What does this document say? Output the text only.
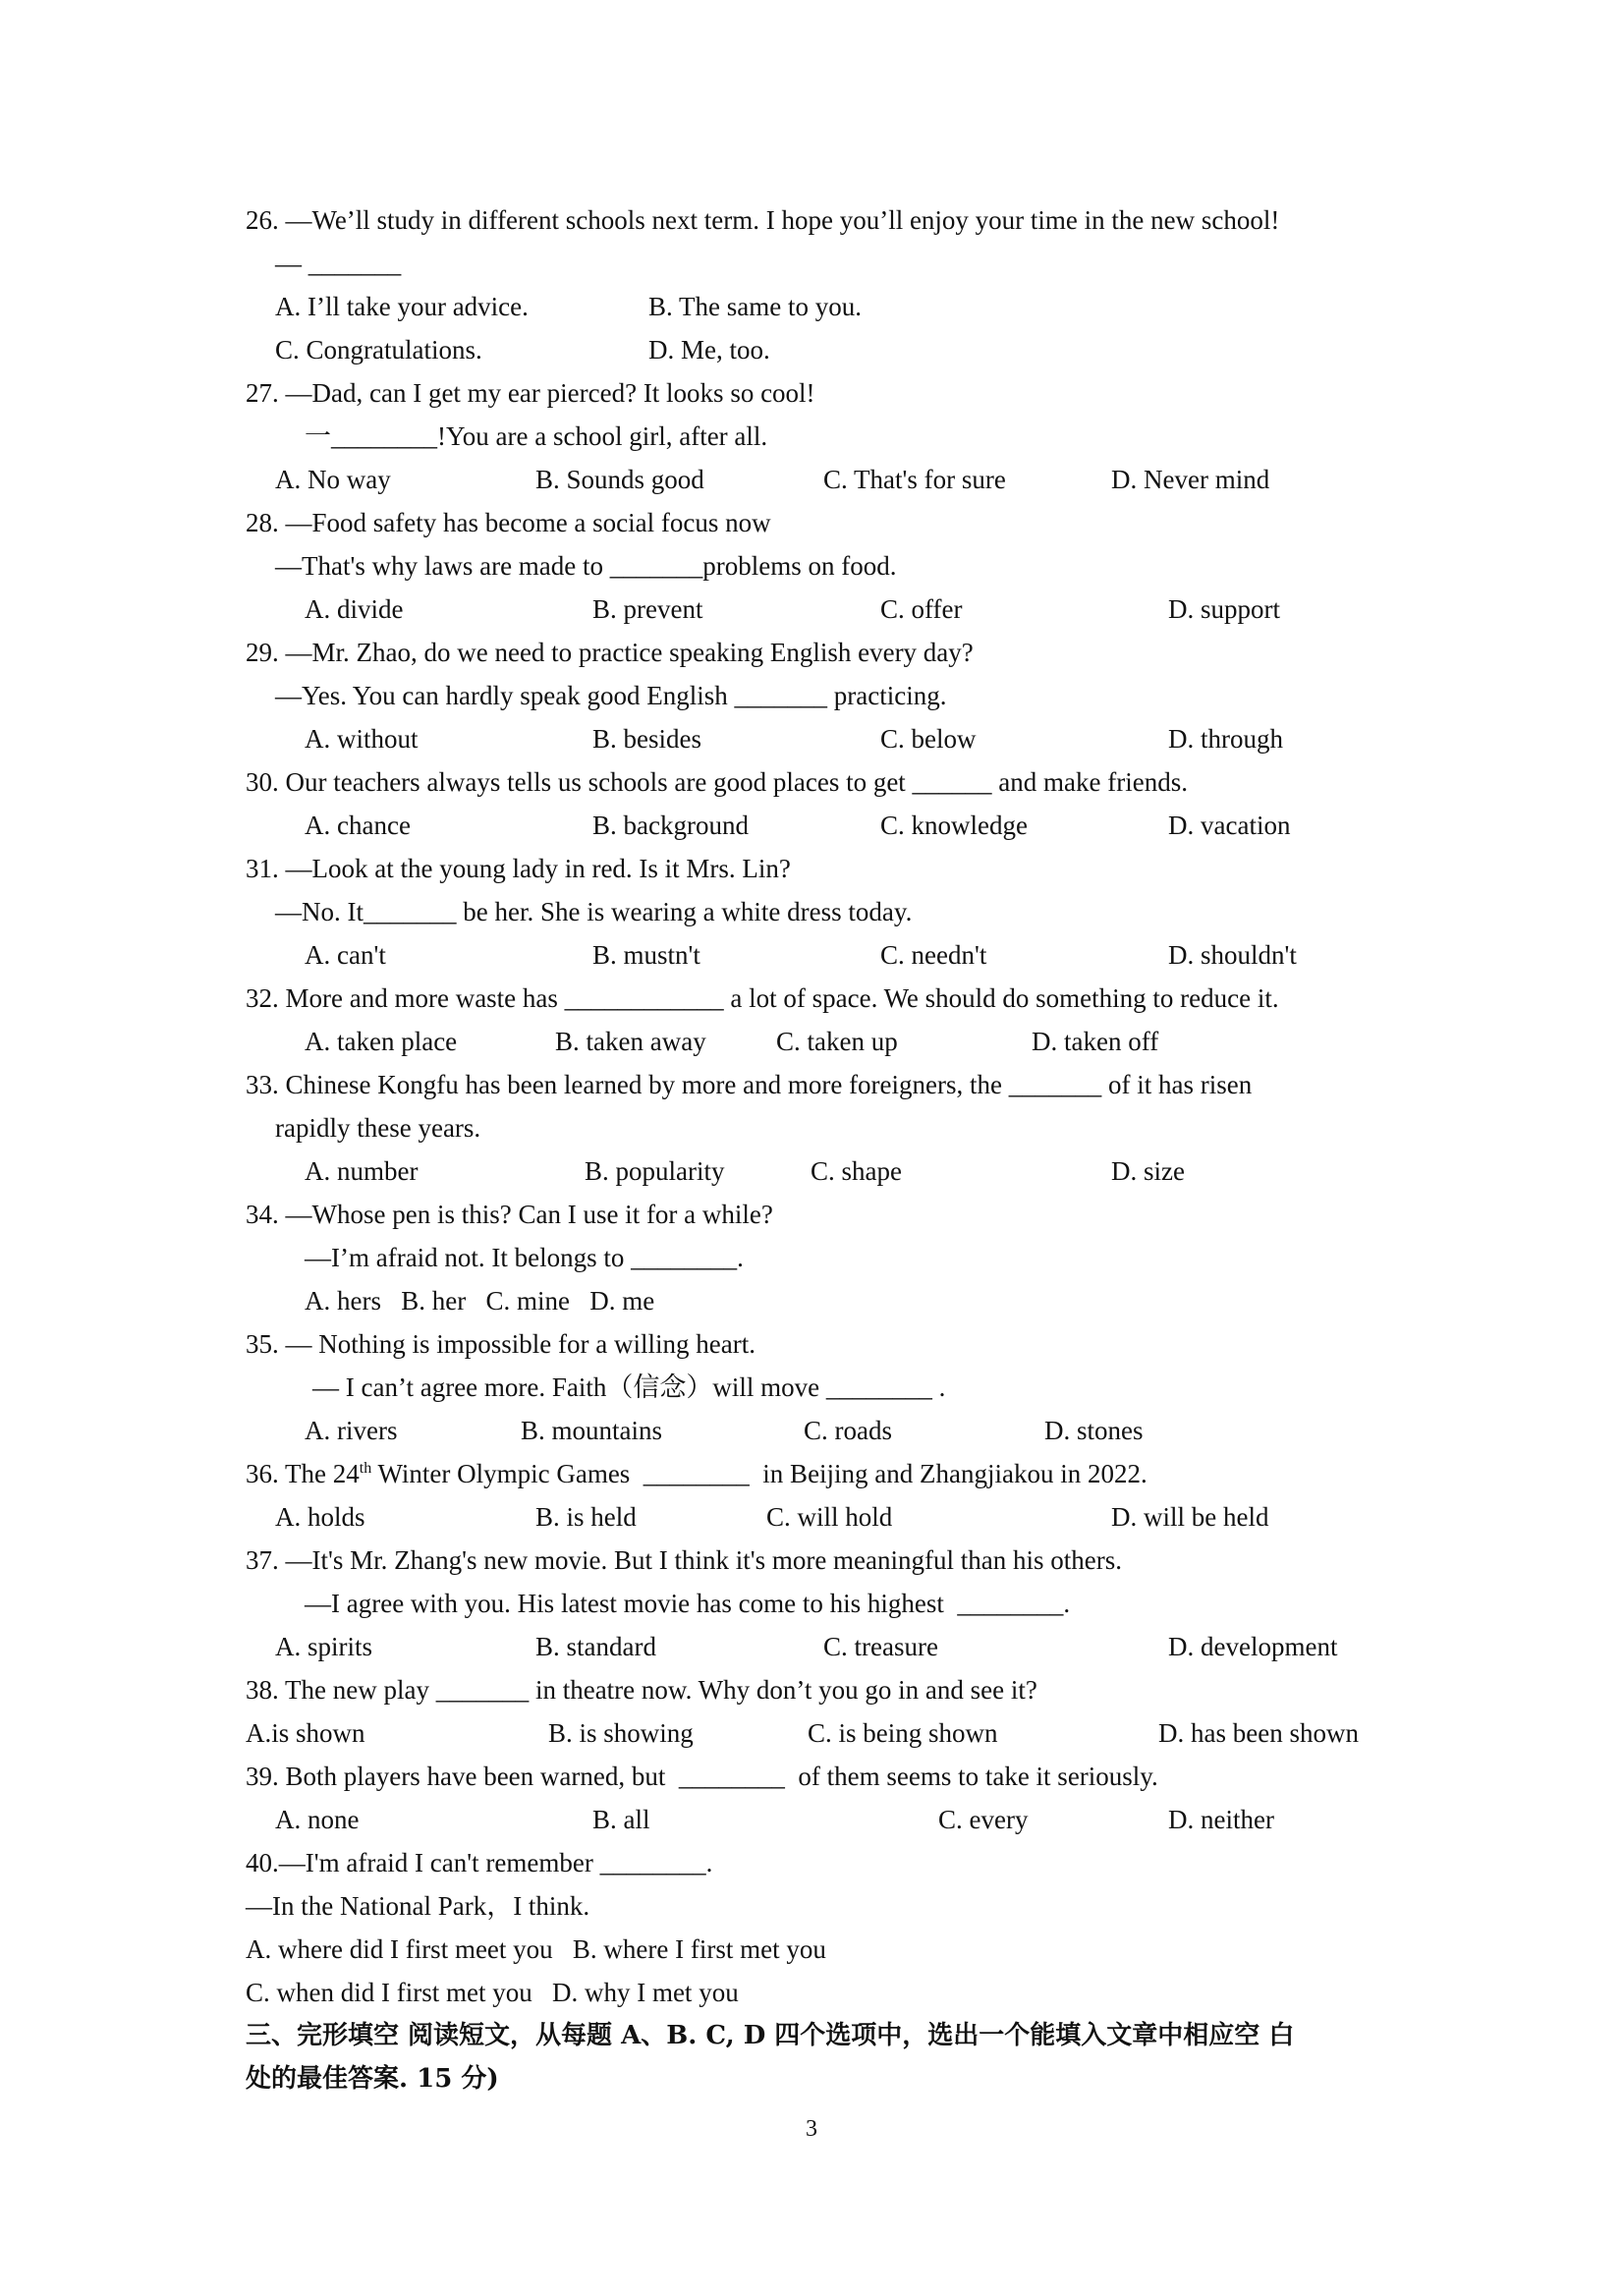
26. —We’ll study in different schools next term. I hope you’ll enjoy your time in the new school!
— _______
A. I’ll take your advice.	B. The same to you.
C. Congratulations.	D. Me, too.
27. —Dad, can I get my ear pierced? It looks so cool!
一________!You are a school girl, after all.
A. No way	B. Sounds good	C. That's for sure	D. Never mind
28. —Food safety has become a social focus now
—That's why laws are made to _______problems on food.
A. divide	B. prevent	C. offer	D. support
29. —Mr. Zhao, do we need to practice speaking English every day?
—Yes. You can hardly speak good English _______ practicing.
A. without	B. besides	C. below	D. through
30. Our teachers always tells us schools are good places to get ______ and make friends.
A. chance	B. background	C. knowledge	D. vacation
31. —Look at the young lady in red. Is it Mrs. Lin?
—No. It_______ be her. She is wearing a white dress today.
A. can't	B. mustn't	C. needn't	D. shouldn't
32. More and more waste has ____________ a lot of space. We should do something to reduce it.
A. taken place	B. taken away	C. taken up	D. taken off
33. Chinese Kongfu has been learned by more and more foreigners, the _______ of it has risen
rapidly these years.
A. number	B. popularity	C. shape	D. size
34. —Whose pen is this? Can I use it for a while?
—I’m afraid not. It belongs to ________.
A. hers   B. her   C. mine   D. me
35. — Nothing is impossible for a willing heart.
— I can’t agree more. Faith（信念）will move ________ .
A. rivers	B. mountains	C. roads	D. stones
36. The 24th Winter Olympic Games  ________  in Beijing and Zhangjiakou in 2022.
A. holds	B. is held	C. will hold	D. will be held
37. —It's Mr. Zhang's new movie. But I think it's more meaningful than his others.
—I agree with you. His latest movie has come to his highest  ________.
A. spirits	B. standard	C. treasure	D. development
38. The new play _______ in theatre now. Why don’t you go in and see it?
A.is shown	B. is showing	C. is being shown	D. has been shown
39. Both players have been warned, but  ________  of them seems to take it seriously.
A. none	B. all	C. every	D. neither
40.—I'm afraid I can't remember ________.
—In the National Park，I think.
A. where did I first meet you   B. where I first met you
C. when did I first met you   D. why I met you
三、完形填空 阅读短文，从每题 A、B. C, D 四个选项中，选出一个能填入文章中相应空 白
处的最佳答案. 15 分)
3
